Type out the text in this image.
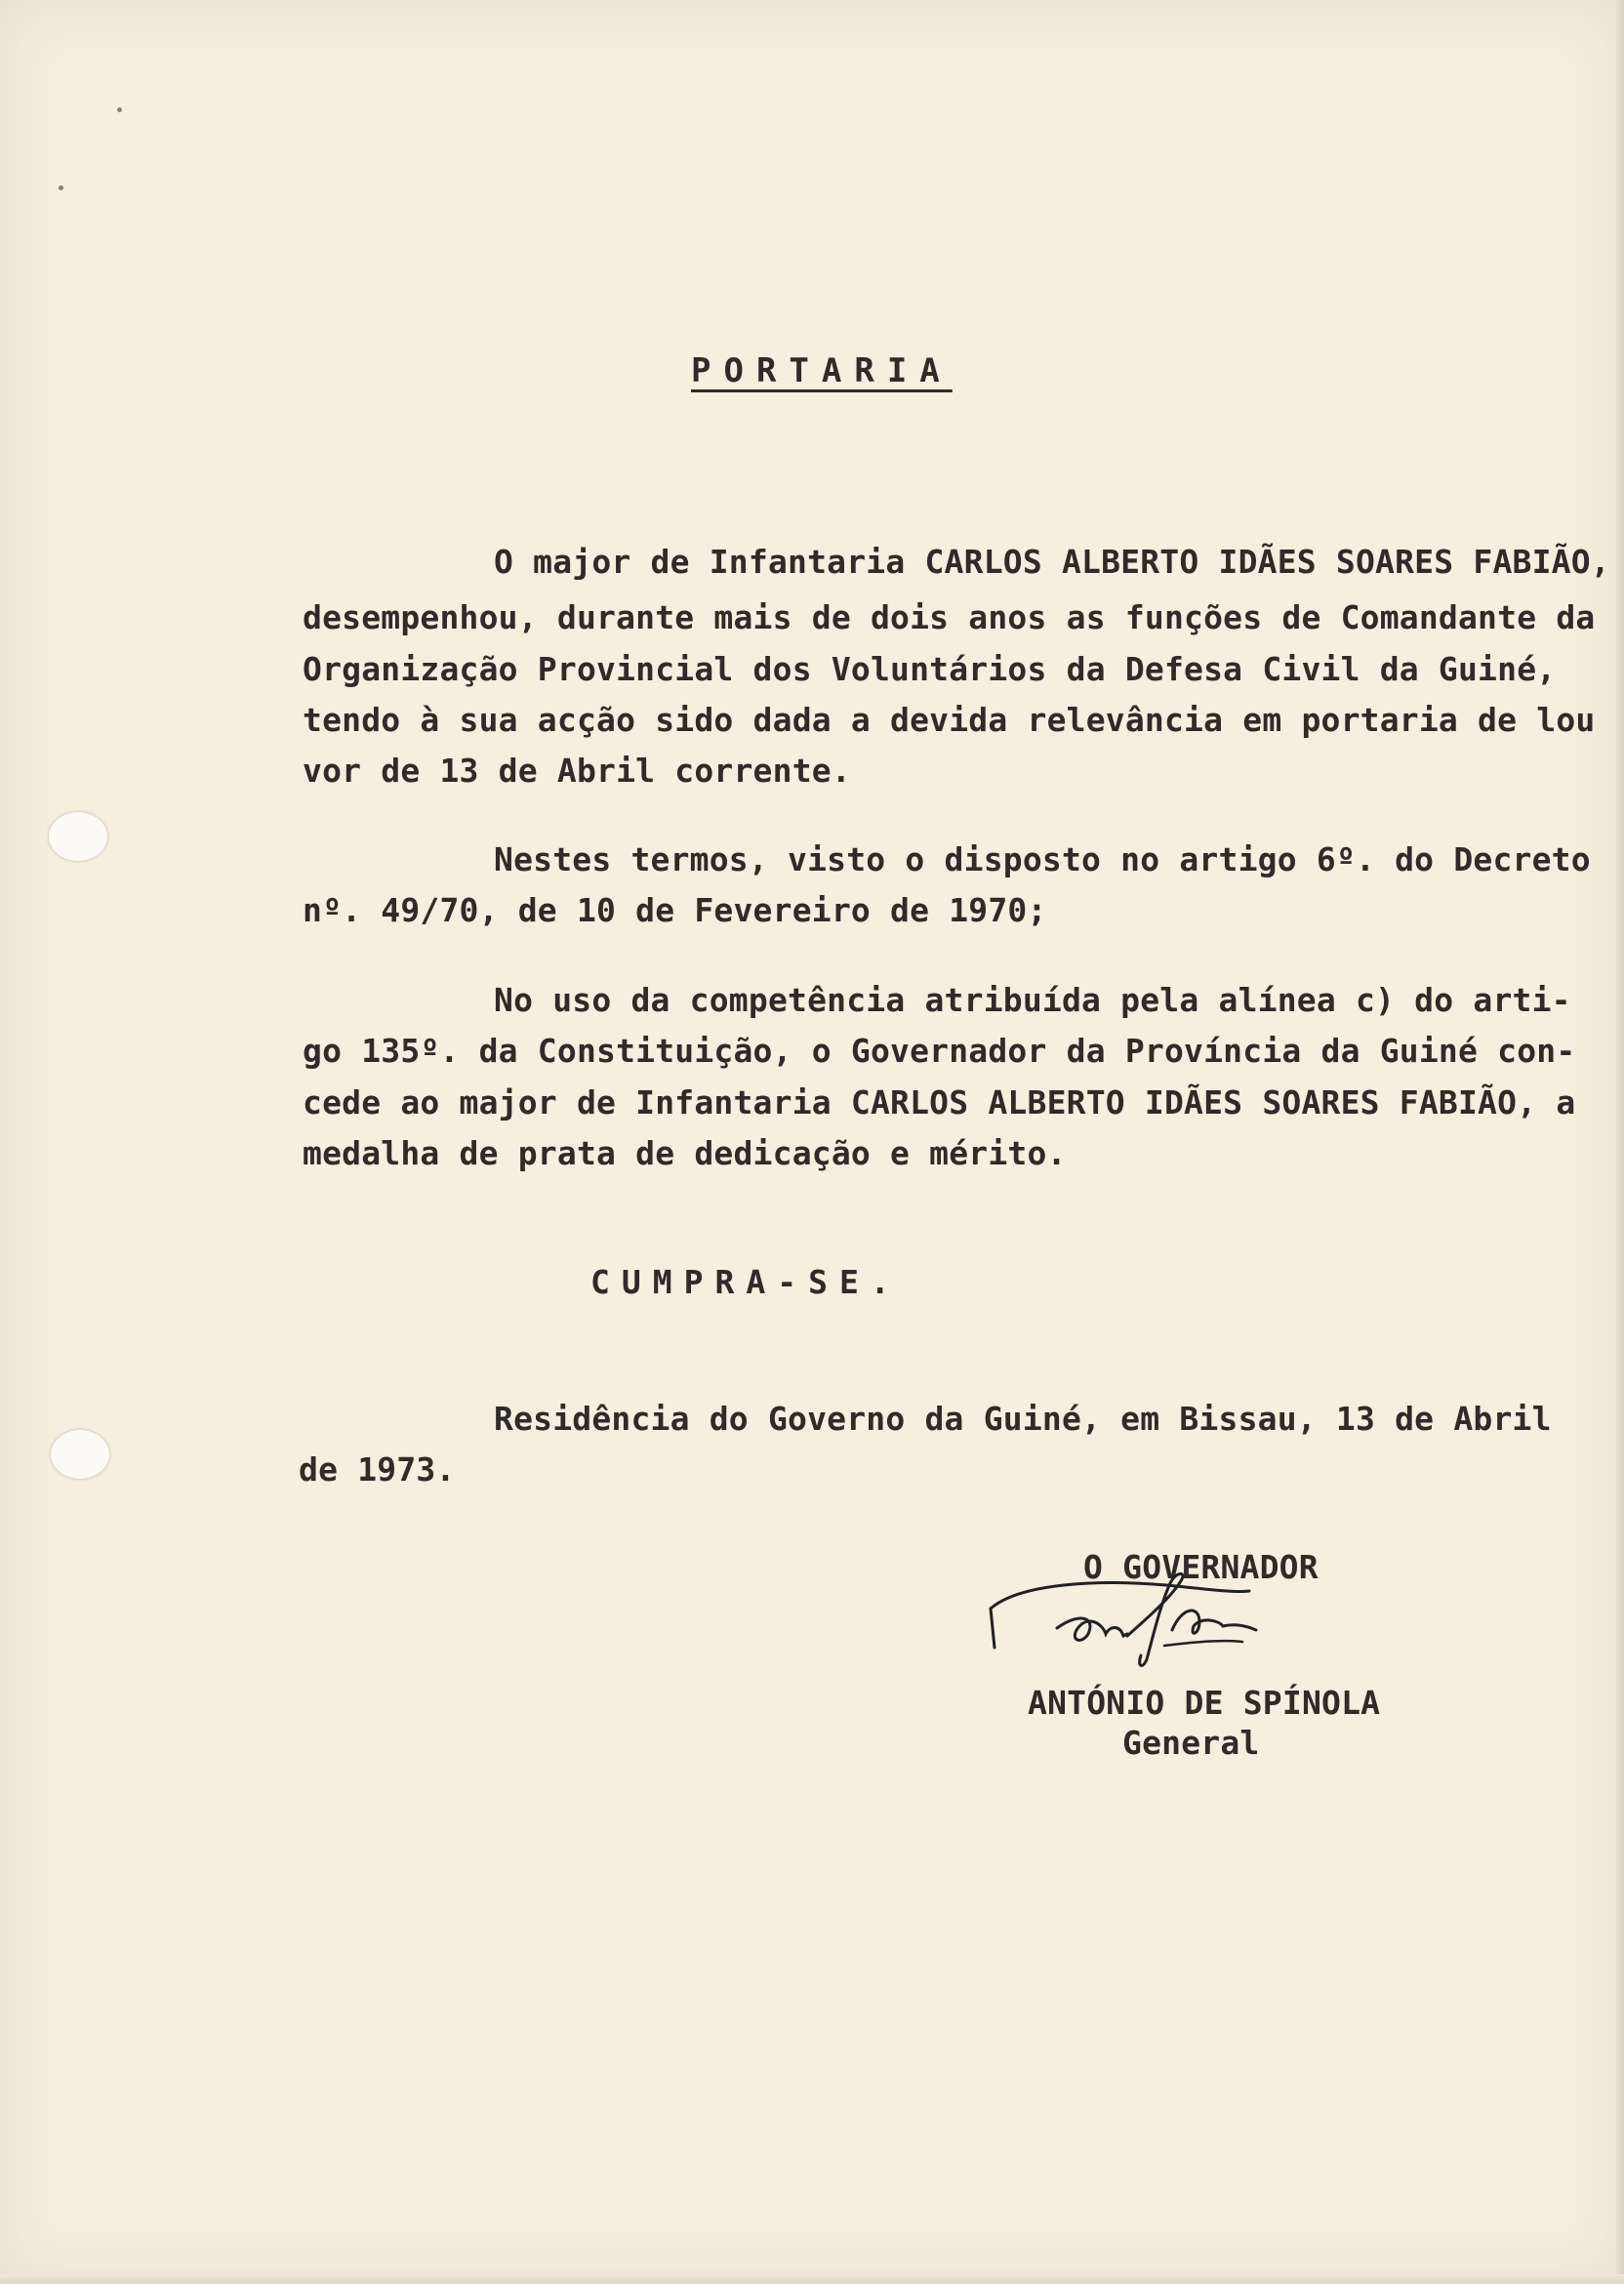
PORTARIA
O major de Infantaria CARLOS ALBERTO IDÃES SOARES FABIÃO,
desempenhou, durante mais de dois anos as funções de Comandante da
Organização Provincial dos Voluntários da Defesa Civil da Guiné,
tendo à sua acção sido dada a devida relevância em portaria de lou
vor de 13 de Abril corrente.
Nestes termos, visto o disposto no artigo 6º. do Decreto
nº. 49/70, de 10 de Fevereiro de 1970;
No uso da competência atribuída pela alínea c) do arti-
go 135º. da Constituição, o Governador da Província da Guiné con-
cede ao major de Infantaria CARLOS ALBERTO IDÃES SOARES FABIÃO, a
medalha de prata de dedicação e mérito.
CUMPRA-SE.
Residência do Governo da Guiné, em Bissau, 13 de Abril
de 1973.
O GOVERNADOR
ANTÓNIO DE SPÍNOLA
General
